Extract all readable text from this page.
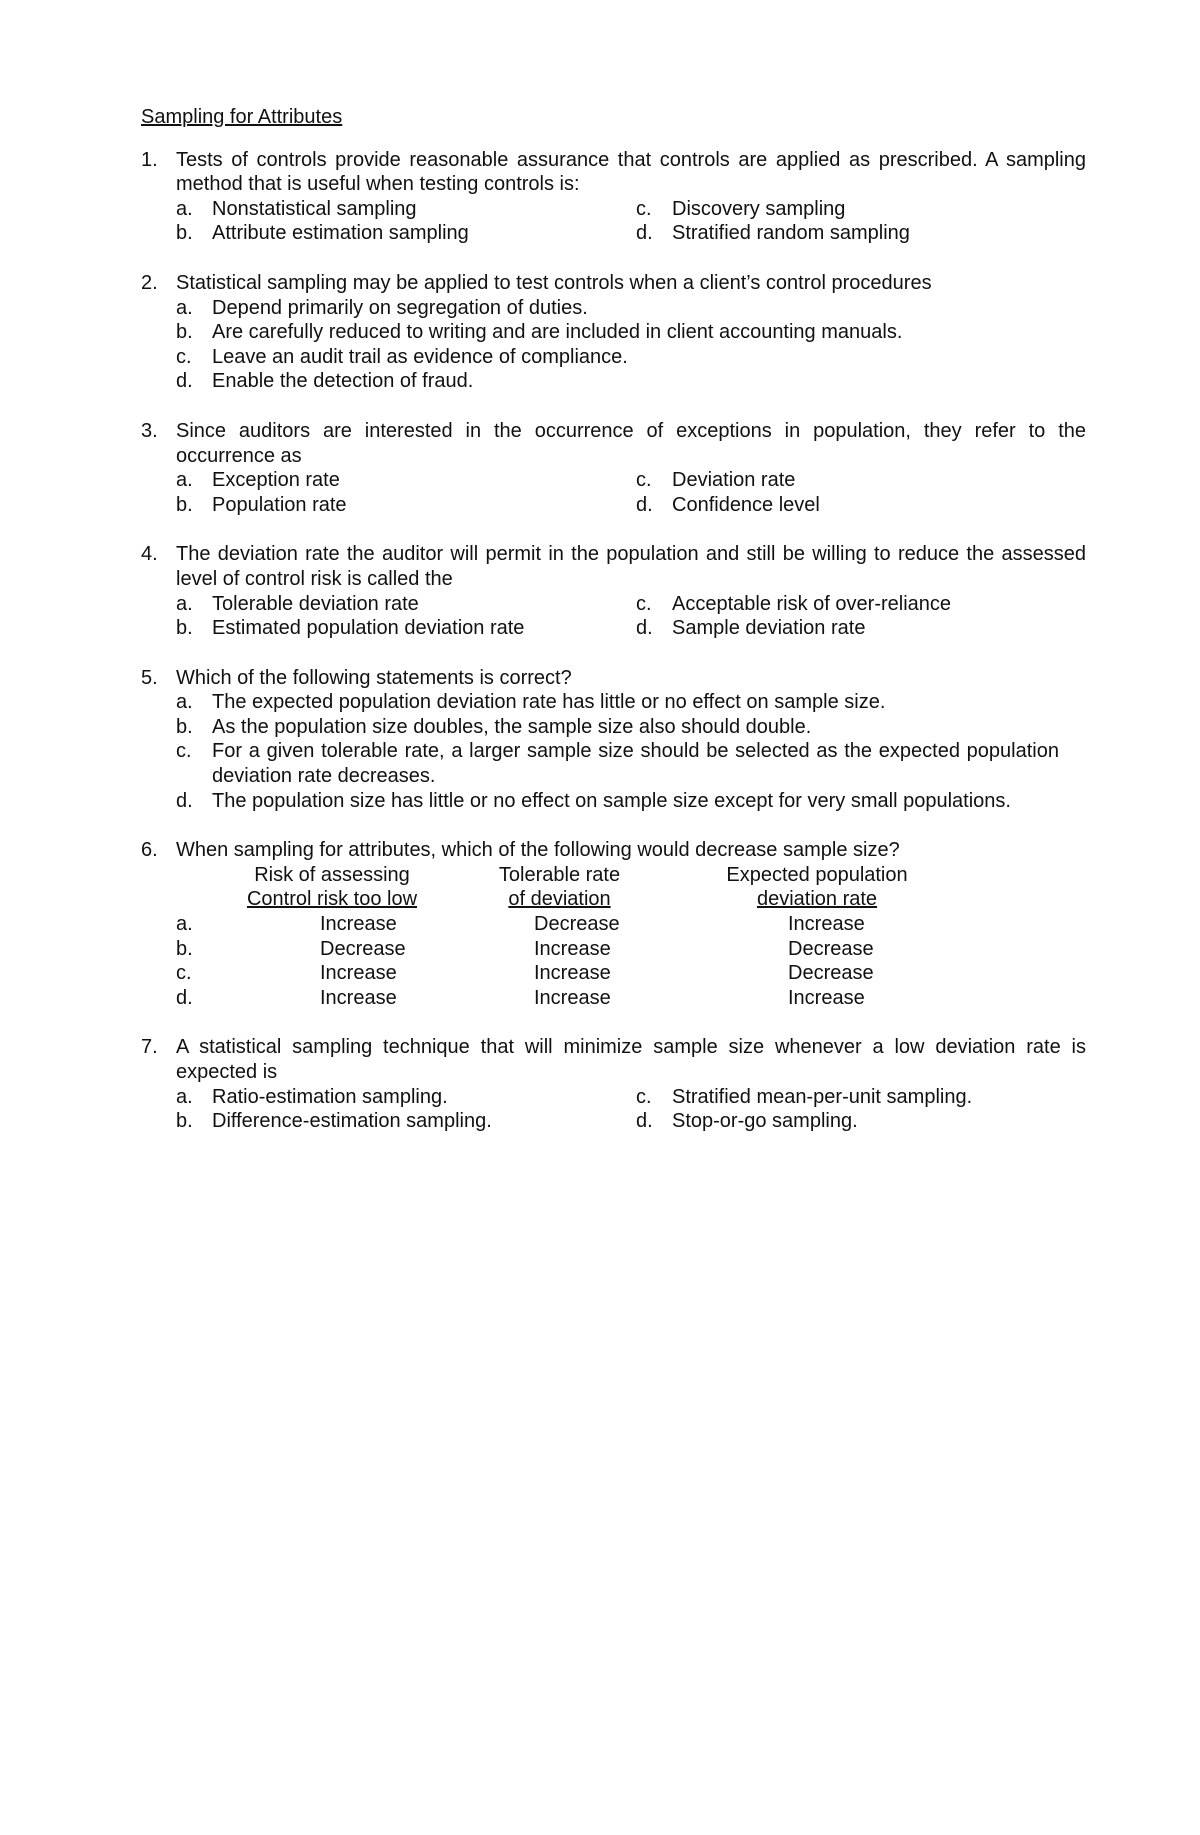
Sampling for Attributes
1. Tests of controls provide reasonable assurance that controls are applied as prescribed. A sampling method that is useful when testing controls is:
a. Nonstatistical sampling	c.	Discovery sampling
b. Attribute estimation sampling	d. Stratified random sampling
2. Statistical sampling may be applied to test controls when a client’s control procedures
a. Depend primarily on segregation of duties.
b. Are carefully reduced to writing and are included in client accounting manuals.
c.	Leave an audit trail as evidence of compliance.
d. Enable the detection of fraud.
3. Since auditors are interested in the occurrence of exceptions in population, they refer to the occurrence as
a. Exception rate	c.	Deviation rate
b. Population rate	d. Confidence level
4. The deviation rate the auditor will permit in the population and still be willing to reduce the assessed level of control risk is called the
a. Tolerable deviation rate	c.	Acceptable risk of over-reliance
b. Estimated population deviation rate	d. Sample deviation rate
5. Which of the following statements is correct?
a. The expected population deviation rate has little or no effect on sample size.
b. As the population size doubles, the sample size also should double.
c.	For a given tolerable rate, a larger sample size should be selected as the expected population deviation rate decreases.
d. The population size has little or no effect on sample size except for very small populations.
6. When sampling for attributes, which of the following would decrease sample size?
Risk of assessing	Tolerable rate	Expected population
Control risk too low	of deviation	deviation rate
a.	Increase	Decrease	Increase
b.	Decrease	Increase	Decrease
c.	Increase	Increase	Decrease
d.	Increase	Increase	Increase
7. A statistical sampling technique that will minimize sample size whenever a low deviation rate is expected is
a. Ratio-estimation sampling.	c.	Stratified mean-per-unit sampling.
b. Difference-estimation sampling.	d. Stop-or-go sampling.
